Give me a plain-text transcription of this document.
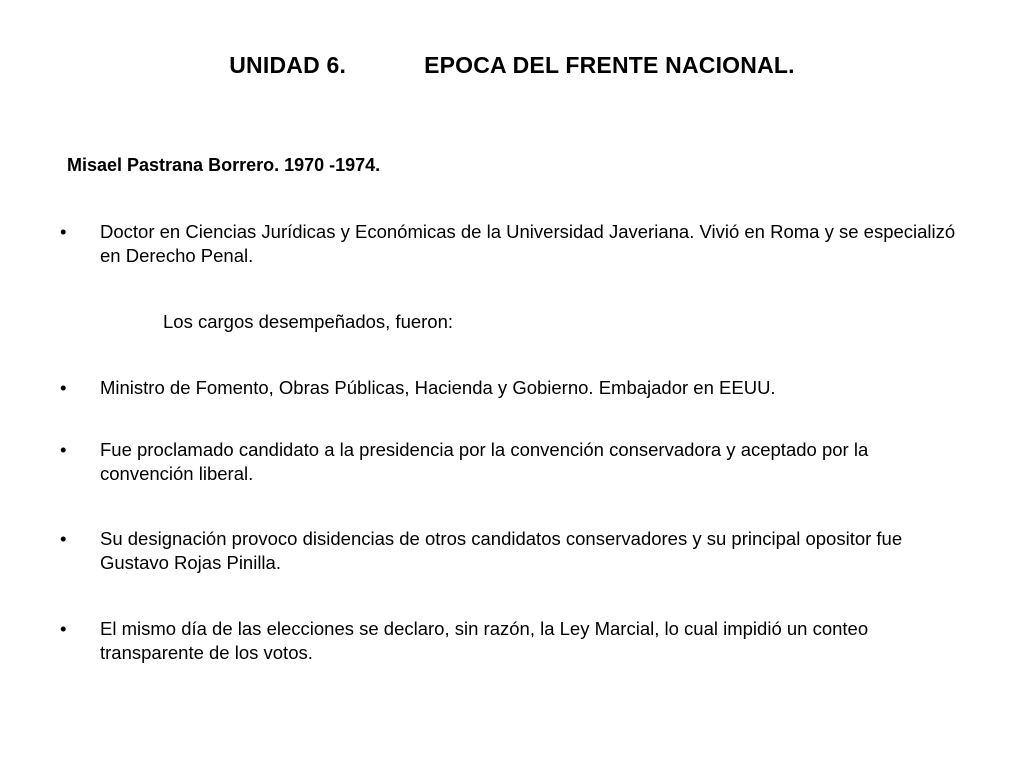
UNIDAD 6.	EPOCA DEL FRENTE NACIONAL.
Misael Pastrana Borrero. 1970 -1974.
•	Doctor en Ciencias Jurídicas y Económicas de la Universidad Javeriana. Vivió en Roma y se especializó en Derecho Penal.
Los cargos desempeñados, fueron:
•	Ministro de Fomento, Obras Públicas, Hacienda y Gobierno. Embajador en EEUU.
•	Fue proclamado candidato a la presidencia por la convención conservadora y aceptado por la convención liberal.
•	Su designación provoco disidencias de otros candidatos conservadores y su principal opositor fue Gustavo Rojas Pinilla.
•	El mismo día de las elecciones se declaro, sin razón, la Ley Marcial, lo cual impidió un conteo transparente de los votos.
